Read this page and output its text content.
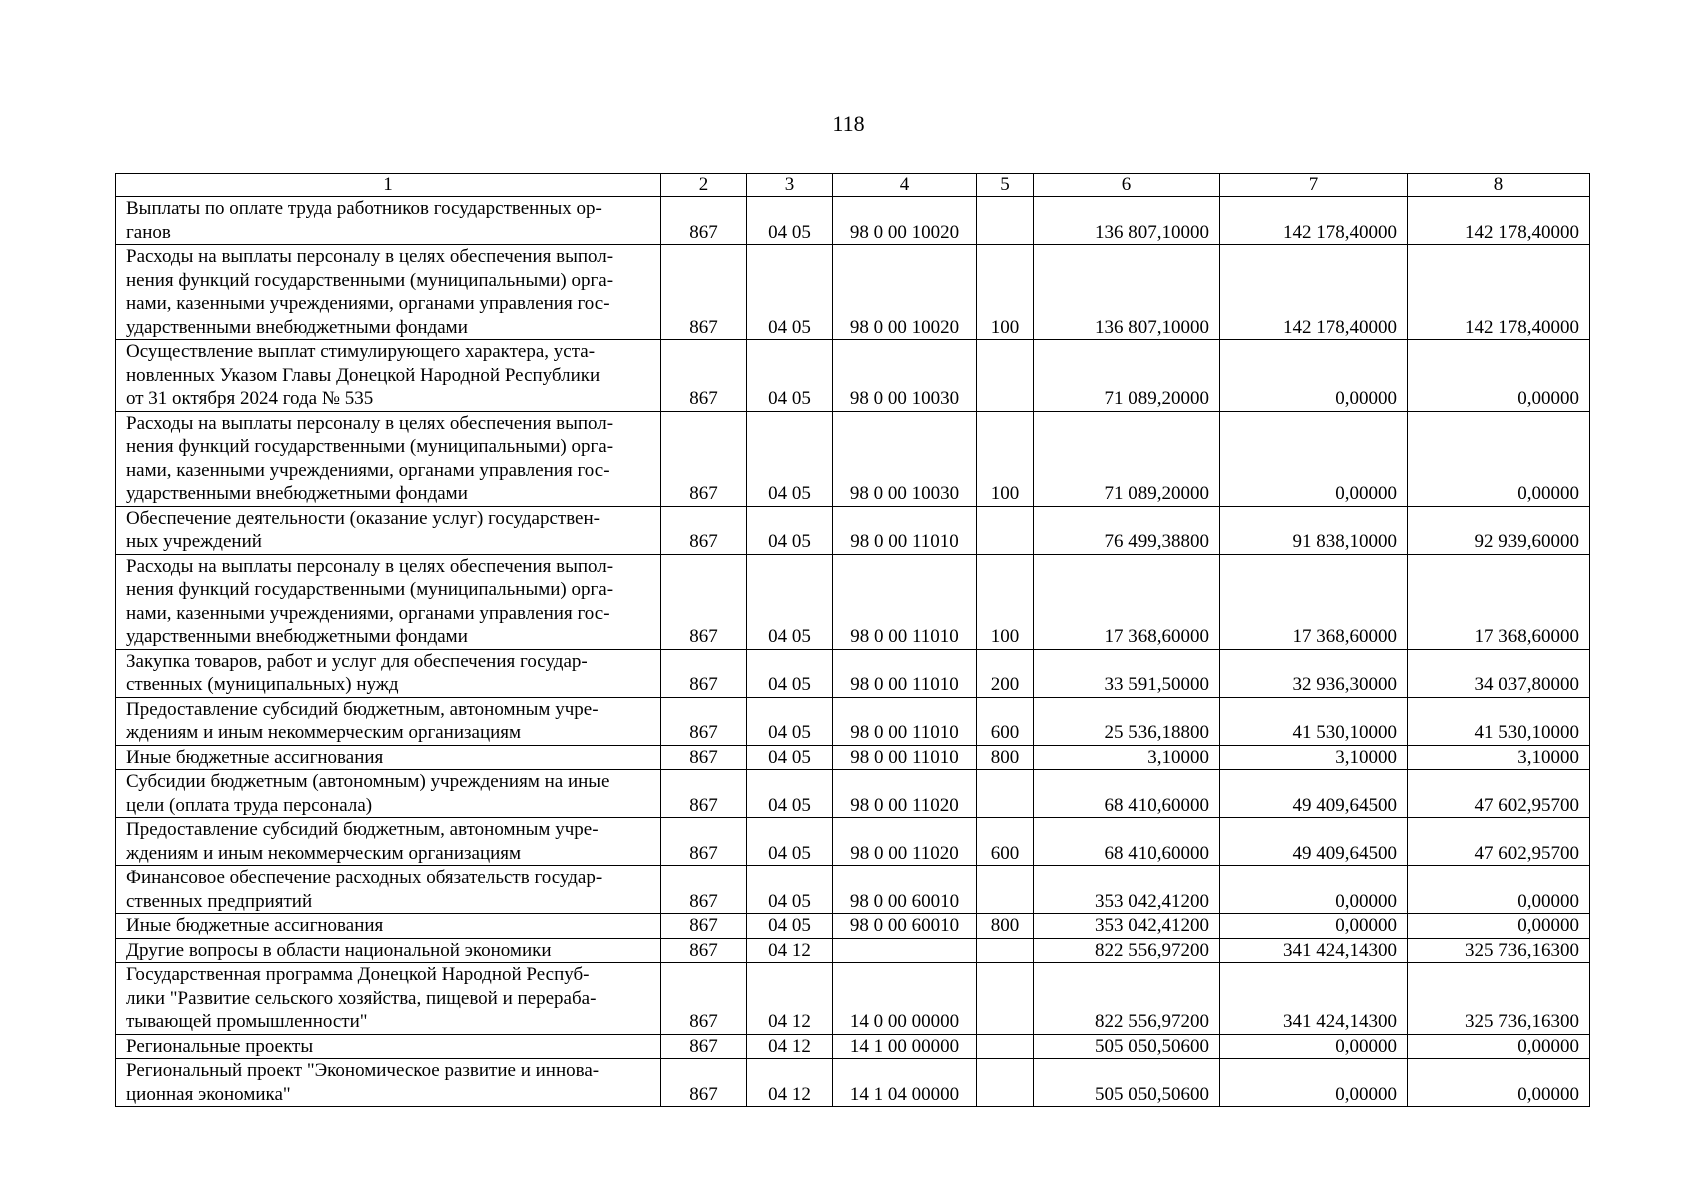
118
1	2	3	4	5	6	7	8
Выплаты по оплате труда работников государственных ор-
ганов	867	04 05	98 0 00 10020		136 807,10000	142 178,40000	142 178,40000
Расходы на выплаты персоналу в целях обеспечения выпол-
нения функций государственными (муниципальными) орга-
нами, казенными учреждениями, органами управления гос-
ударственными внебюджетными фондами	867	04 05	98 0 00 10020	100	136 807,10000	142 178,40000	142 178,40000
Осуществление выплат стимулирующего характера, уста-
новленных Указом Главы Донецкой Народной Республики
от 31 октября 2024 года № 535	867	04 05	98 0 00 10030		71 089,20000	0,00000	0,00000
Расходы на выплаты персоналу в целях обеспечения выпол-
нения функций государственными (муниципальными) орга-
нами, казенными учреждениями, органами управления гос-
ударственными внебюджетными фондами	867	04 05	98 0 00 10030	100	71 089,20000	0,00000	0,00000
Обеспечение деятельности (оказание услуг) государствен-
ных учреждений	867	04 05	98 0 00 11010		76 499,38800	91 838,10000	92 939,60000
Расходы на выплаты персоналу в целях обеспечения выпол-
нения функций государственными (муниципальными) орга-
нами, казенными учреждениями, органами управления гос-
ударственными внебюджетными фондами	867	04 05	98 0 00 11010	100	17 368,60000	17 368,60000	17 368,60000
Закупка товаров, работ и услуг для обеспечения государ-
ственных (муниципальных) нужд	867	04 05	98 0 00 11010	200	33 591,50000	32 936,30000	34 037,80000
Предоставление субсидий бюджетным, автономным учре-
ждениям и иным некоммерческим организациям	867	04 05	98 0 00 11010	600	25 536,18800	41 530,10000	41 530,10000
Иные бюджетные ассигнования	867	04 05	98 0 00 11010	800	3,10000	3,10000	3,10000
Субсидии бюджетным (автономным) учреждениям на иные
цели (оплата труда персонала)	867	04 05	98 0 00 11020		68 410,60000	49 409,64500	47 602,95700
Предоставление субсидий бюджетным, автономным учре-
ждениям и иным некоммерческим организациям	867	04 05	98 0 00 11020	600	68 410,60000	49 409,64500	47 602,95700
Финансовое обеспечение расходных обязательств государ-
ственных предприятий	867	04 05	98 0 00 60010		353 042,41200	0,00000	0,00000
Иные бюджетные ассигнования	867	04 05	98 0 00 60010	800	353 042,41200	0,00000	0,00000
Другие вопросы в области национальной экономики	867	04 12			822 556,97200	341 424,14300	325 736,16300
Государственная программа Донецкой Народной Респуб-
лики "Развитие сельского хозяйства, пищевой и перераба-
тывающей промышленности"	867	04 12	14 0 00 00000		822 556,97200	341 424,14300	325 736,16300
Региональные проекты	867	04 12	14 1 00 00000		505 050,50600	0,00000	0,00000
Региональный проект "Экономическое развитие и иннова-
ционная экономика"	867	04 12	14 1 04 00000		505 050,50600	0,00000	0,00000
